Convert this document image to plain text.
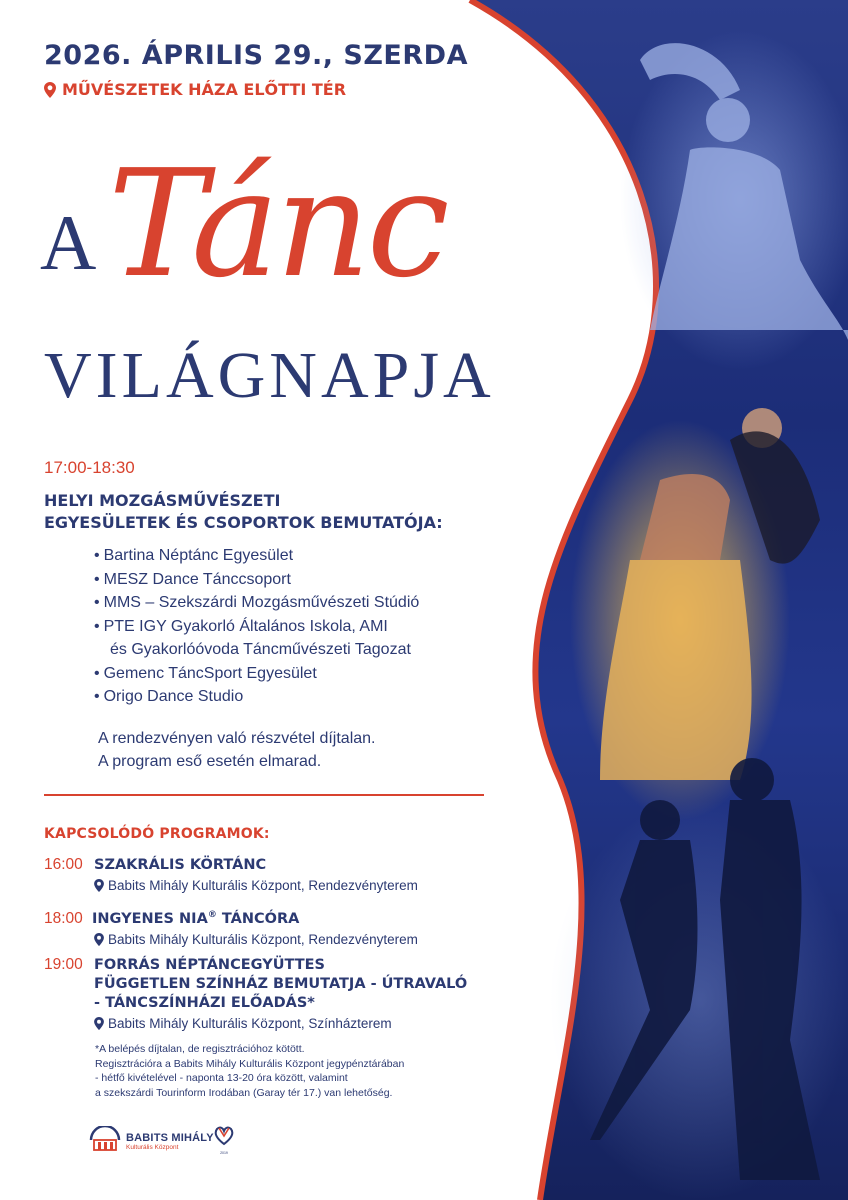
2026. ÁPRILIS 29., SZERDA
MŰVÉSZETEK HÁZA ELŐTTI TÉR
A Tánc
VILÁGNAPJA
17:00-18:30
HELYI MOZGÁSMŰVÉSZETI
EGYESÜLETEK ÉS CSOPORTOK BEMUTATÓJA:
• Bartina Néptánc Egyesület
• MESZ Dance Tánccsoport
• MMS – Szekszárdi Mozgásművészeti Stúdió
• PTE IGY Gyakorló Általános Iskola, AMI
és Gyakorlóóvoda Táncművészeti Tagozat
• Gemenc TáncSport Egyesület
• Origo Dance Studio
A rendezvényen való részvétel díjtalan.
A program eső esetén elmarad.
KAPCSOLÓDÓ PROGRAMOK:
16:00 SZAKRÁLIS KÖRTÁNC
Babits Mihály Kulturális Központ, Rendezvényterem
18:00 INGYENES NIA® TÁNCÓRA
Babits Mihály Kulturális Központ, Rendezvényterem
19:00 FORRÁS NÉPTÁNCEGYÜTTES
FÜGGETLEN SZÍNHÁZ BEMUTATJA - ÚTRAVALÓ
- TÁNCSZÍNHÁZI ELŐADÁS*
Babits Mihály Kulturális Központ, Színházterem
*A belépés díjtalan, de regisztrációhoz kötött.
Regisztrációra a Babits Mihály Kulturális Központ jegypénztárában
- hétfő kivételével - naponta 13-20 óra között, valamint
a szekszárdi Tourinform Irodában (Garay tér 17.) van lehetőség.
BABITS MIHÁLY
Kulturális Központ
2019
